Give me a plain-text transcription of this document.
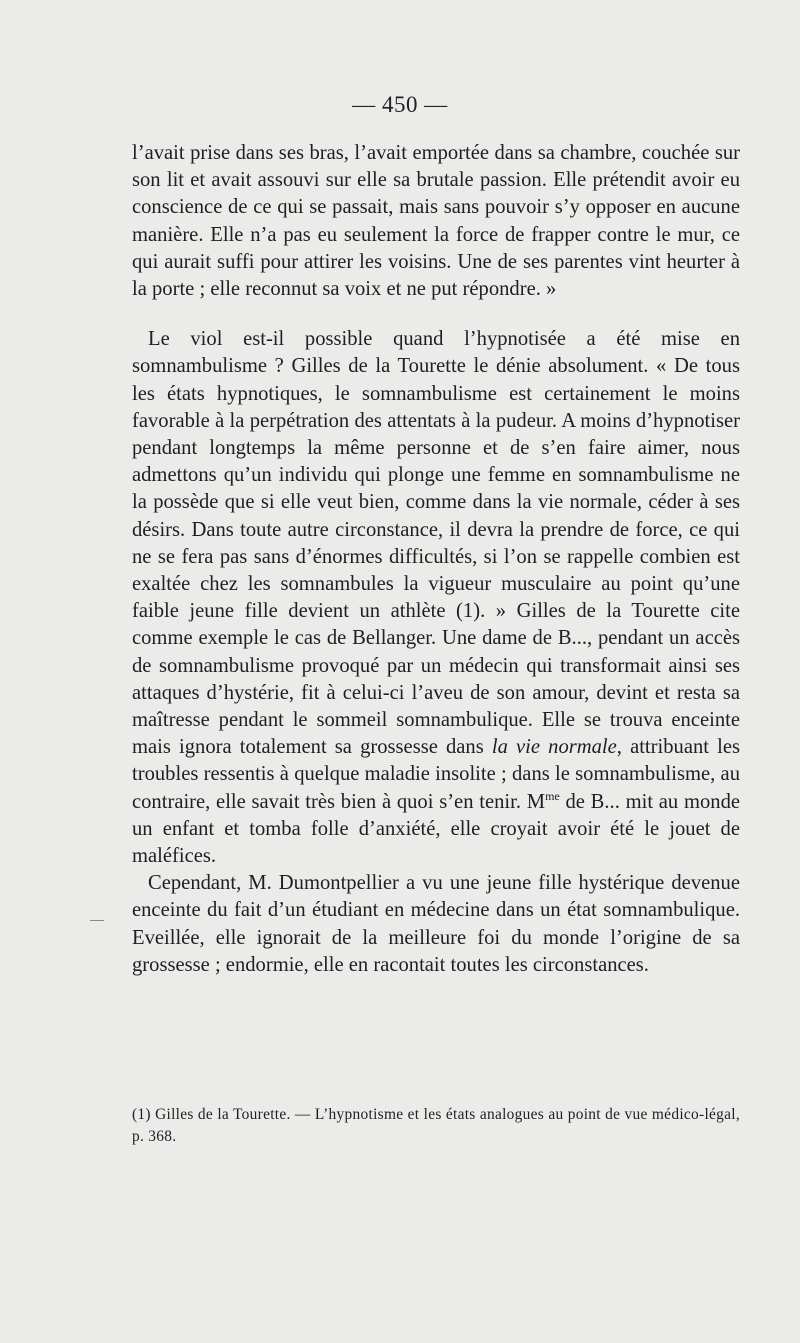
— 450 —

l’avait prise dans ses bras, l’avait emportée dans sa chambre, couchée sur son lit et avait assouvi sur elle sa brutale passion. Elle prétendit avoir eu conscience de ce qui se passait, mais sans pouvoir s’y opposer en aucune manière. Elle n’a pas eu seulement la force de frapper contre le mur, ce qui aurait suffi pour attirer les voisins. Une de ses parentes vint heurter à la porte ; elle reconnut sa voix et ne put répondre. »

Le viol est-il possible quand l’hypnotisée a été mise en somnambulisme ? Gilles de la Tourette le dénie absolument. « De tous les états hypnotiques, le somnambulisme est certainement le moins favorable à la perpétration des attentats à la pudeur. A moins d’hypnotiser pendant longtemps la même personne et de s’en faire aimer, nous admettons qu’un individu qui plonge une femme en somnambulisme ne la possède que si elle veut bien, comme dans la vie normale, céder à ses désirs. Dans toute autre circonstance, il devra la prendre de force, ce qui ne se fera pas sans d’énormes difficultés, si l’on se rappelle combien est exaltée chez les somnambules la vigueur musculaire au point qu’une faible jeune fille devient un athlète (1). » Gilles de la Tourette cite comme exemple le cas de Bellanger. Une dame de B..., pendant un accès de somnambulisme provoqué par un médecin qui transformait ainsi ses attaques d’hystérie, fit à celui-ci l’aveu de son amour, devint et resta sa maîtresse pendant le sommeil somnambulique. Elle se trouva enceinte mais ignora totalement sa grossesse dans la vie normale, attribuant les troubles ressentis à quelque maladie insolite ; dans le somnambulisme, au contraire, elle savait très bien à quoi s’en tenir. $M^{me}$ de B... mit au monde un enfant et tomba folle d’anxiété, elle croyait avoir été le jouet de maléfices.

Cependant, M. Dumontpellier a vu une jeune fille hystérique devenue enceinte du fait d’un étudiant en médecine dans un état somnambulique. Eveillée, elle ignorait de la meilleure foi du monde l’origine de sa grossesse ; endormie, elle en racontait toutes les circonstances.

(1) Gilles de la Tourette. — L’hypnotisme et les états analogues au point de vue médico-légal, p. 368.
